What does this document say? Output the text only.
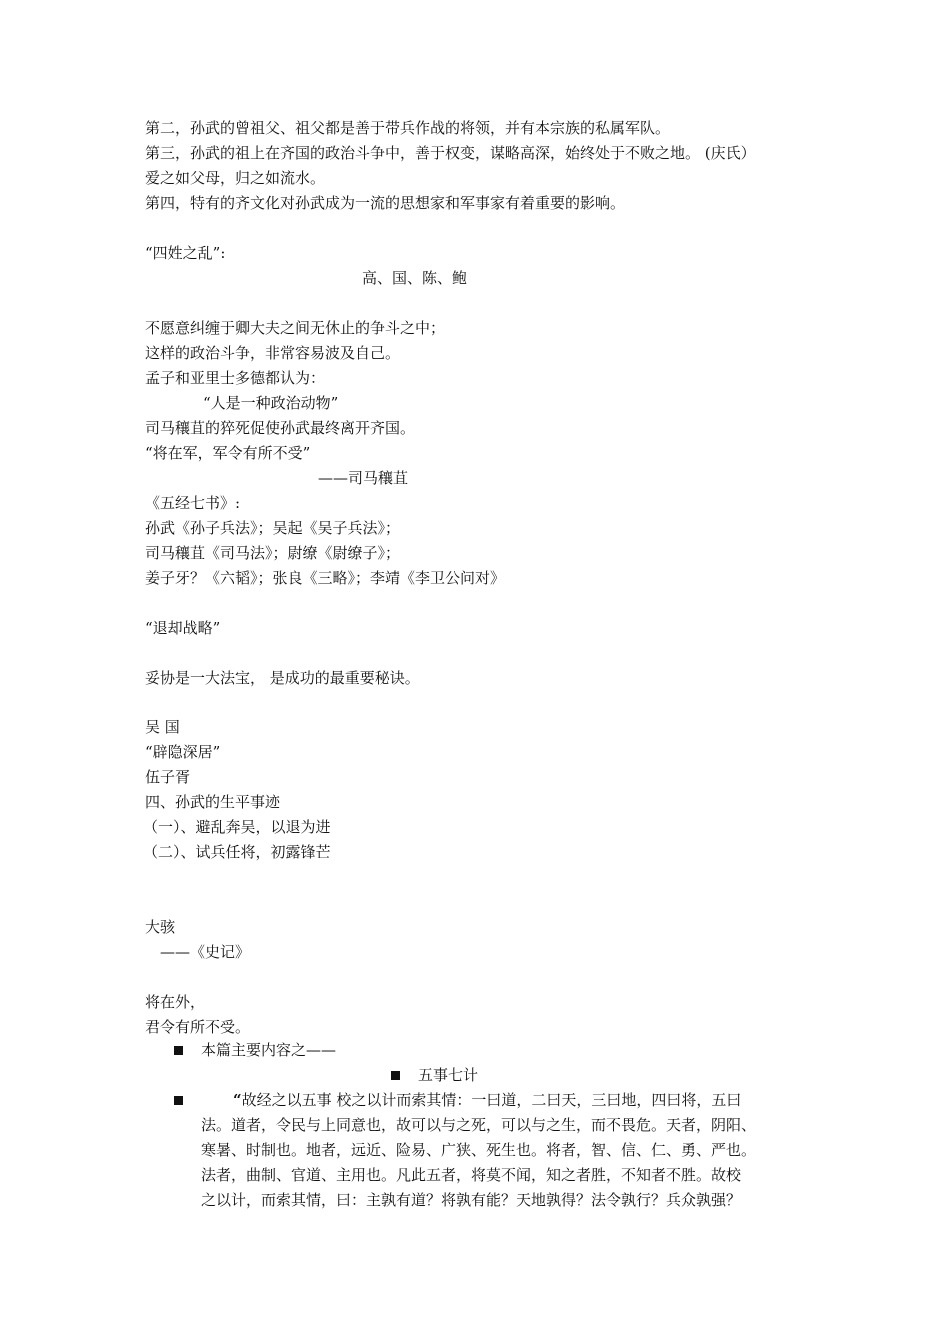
第二，孙武的曾祖父、祖父都是善于带兵作战的将领，并有本宗族的私属军队。
第三，孙武的祖上在齐国的政治斗争中，善于权变，谋略高深，始终处于不败之地。 (庆氏）
爱之如父母，归之如流水。
第四，特有的齐文化对孙武成为一流的思想家和军事家有着重要的影响。
“四姓之乱”:
高、国、陈、鲍
不愿意纠缠于卿大夫之间无休止的争斗之中；
这样的政治斗争，非常容易波及自己。
孟子和亚里士多德都认为：
“人是一种政治动物”
司马穰苴的猝死促使孙武最终离开齐国。
“将在军，军令有所不受”
——司马穰苴
《五经七书》:
孙武《孙子兵法》；吴起《吴子兵法》；
司马穰苴《司马法》；尉缭《尉缭子》；
姜子牙？《六韬》；张良《三略》；李靖《李卫公问对》
“退却战略”
妥协是一大法宝， 是成功的最重要秘诀。
吴 国
“辟隐深居”
伍子胥
四、孙武的生平事迹
（一）、避乱奔吴，以退为进
（二）、试兵任将，初露锋芒
大骇
——《史记》
将在外，
君令有所不受。
本篇主要内容之——
五事七计
“故经之以五事 校之以计而索其情：一曰道，二曰天，三曰地，四曰将，五曰
法。道者，令民与上同意也，故可以与之死，可以与之生，而不畏危。天者，阴阳、
寒暑、时制也。地者，远近、险易、广狭、死生也。将者，智、信、仁、勇、严也。
法者，曲制、官道、主用也。凡此五者，将莫不闻，知之者胜，不知者不胜。故校
之以计，而索其情，曰：主孰有道？将孰有能？天地孰得？法令孰行？兵众孰强？
